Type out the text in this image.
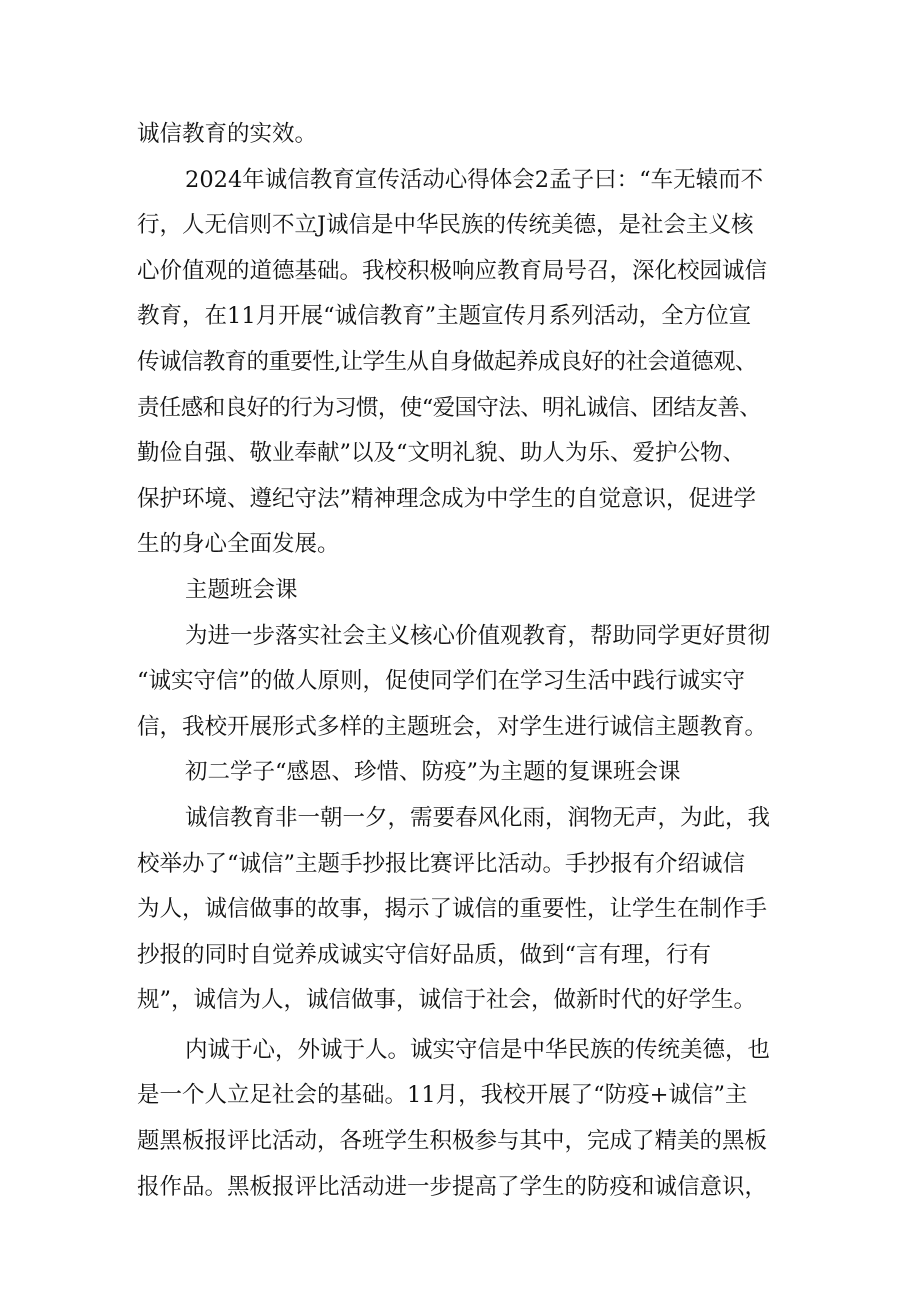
诚信教育的实效。
2024年诚信教育宣传活动心得体会2孟子曰：“车无辕而不
行，人无信则不立J诚信是中华民族的传统美德，是社会主义核
心价值观的道德基础。我校积极响应教育局号召，深化校园诚信
教育，在11月开展“诚信教育”主题宣传月系列活动，全方位宣
传诚信教育的重要性,让学生从自身做起养成良好的社会道德观、
责任感和良好的行为习惯，使“爱国守法、明礼诚信、团结友善、
勤俭自强、敬业奉献”以及“文明礼貌、助人为乐、爱护公物、
保护环境、遵纪守法”精神理念成为中学生的自觉意识，促进学
生的身心全面发展。
主题班会课
为进一步落实社会主义核心价值观教育，帮助同学更好贯彻
“诚实守信”的做人原则，促使同学们在学习生活中践行诚实守
信，我校开展形式多样的主题班会，对学生进行诚信主题教育。
初二学子“感恩、珍惜、防疫”为主题的复课班会课
诚信教育非一朝一夕，需要春风化雨，润物无声，为此，我
校举办了“诚信”主题手抄报比赛评比活动。手抄报有介绍诚信
为人，诚信做事的故事，揭示了诚信的重要性，让学生在制作手
抄报的同时自觉养成诚实守信好品质，做到“言有理，行有
规”，诚信为人，诚信做事，诚信于社会，做新时代的好学生。
内诚于心，外诚于人。诚实守信是中华民族的传统美德，也
是一个人立足社会的基础。11月，我校开展了“防疫+诚信”主
题黑板报评比活动，各班学生积极参与其中，完成了精美的黑板
报作品。黑板报评比活动进一步提高了学生的防疫和诚信意识，
